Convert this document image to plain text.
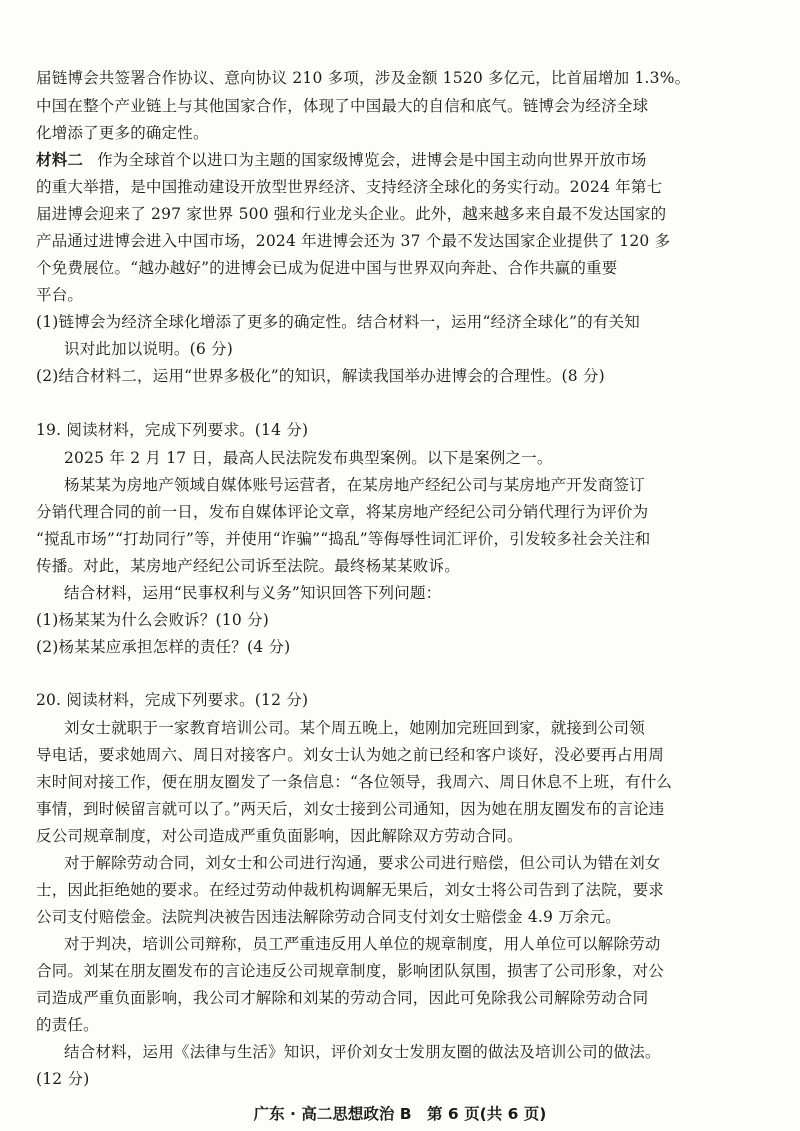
届链博会共签署合作协议、意向协议 210 多项，涉及金额 1520 多亿元，比首届增加 1.3%。
中国在整个产业链上与其他国家合作，体现了中国最大的自信和底气。链博会为经济全球
化增添了更多的确定性。
材料二 作为全球首个以进口为主题的国家级博览会，进博会是中国主动向世界开放市场
的重大举措，是中国推动建设开放型世界经济、支持经济全球化的务实行动。2024 年第七
届进博会迎来了 297 家世界 500 强和行业龙头企业。此外，越来越多来自最不发达国家的
产品通过进博会进入中国市场，2024 年进博会还为 37 个最不发达国家企业提供了 120 多
个免费展位。“越办越好”的进博会已成为促进中国与世界双向奔赴、合作共赢的重要
平台。
(1)链博会为经济全球化增添了更多的确定性。结合材料一，运用“经济全球化”的有关知
识对此加以说明。(6 分)
(2)结合材料二，运用“世界多极化”的知识，解读我国举办进博会的合理性。(8 分)
19. 阅读材料，完成下列要求。(14 分)
2025 年 2 月 17 日，最高人民法院发布典型案例。以下是案例之一。
杨某某为房地产领域自媒体账号运营者，在某房地产经纪公司与某房地产开发商签订
分销代理合同的前一日，发布自媒体评论文章，将某房地产经纪公司分销代理行为评价为
“搅乱市场”“打劫同行”等，并使用“诈骗”“捣乱”等侮辱性词汇评价，引发较多社会关注和
传播。对此，某房地产经纪公司诉至法院。最终杨某某败诉。
结合材料，运用“民事权利与义务”知识回答下列问题：
(1)杨某某为什么会败诉？(10 分)
(2)杨某某应承担怎样的责任？(4 分)
20. 阅读材料，完成下列要求。(12 分)
刘女士就职于一家教育培训公司。某个周五晚上，她刚加完班回到家，就接到公司领
导电话，要求她周六、周日对接客户。刘女士认为她之前已经和客户谈好，没必要再占用周
末时间对接工作，便在朋友圈发了一条信息：“各位领导，我周六、周日休息不上班，有什么
事情，到时候留言就可以了。”两天后，刘女士接到公司通知，因为她在朋友圈发布的言论违
反公司规章制度，对公司造成严重负面影响，因此解除双方劳动合同。
对于解除劳动合同，刘女士和公司进行沟通，要求公司进行赔偿，但公司认为错在刘女
士，因此拒绝她的要求。在经过劳动仲裁机构调解无果后，刘女士将公司告到了法院，要求
公司支付赔偿金。法院判决被告因违法解除劳动合同支付刘女士赔偿金 4.9 万余元。
对于判决，培训公司辩称，员工严重违反用人单位的规章制度，用人单位可以解除劳动
合同。刘某在朋友圈发布的言论违反公司规章制度，影响团队氛围，损害了公司形象，对公
司造成严重负面影响，我公司才解除和刘某的劳动合同，因此可免除我公司解除劳动合同
的责任。
结合材料，运用《法律与生活》知识，评价刘女士发朋友圈的做法及培训公司的做法。
(12 分)
广东 · 高二思想政治 B　第 6 页(共 6 页)
